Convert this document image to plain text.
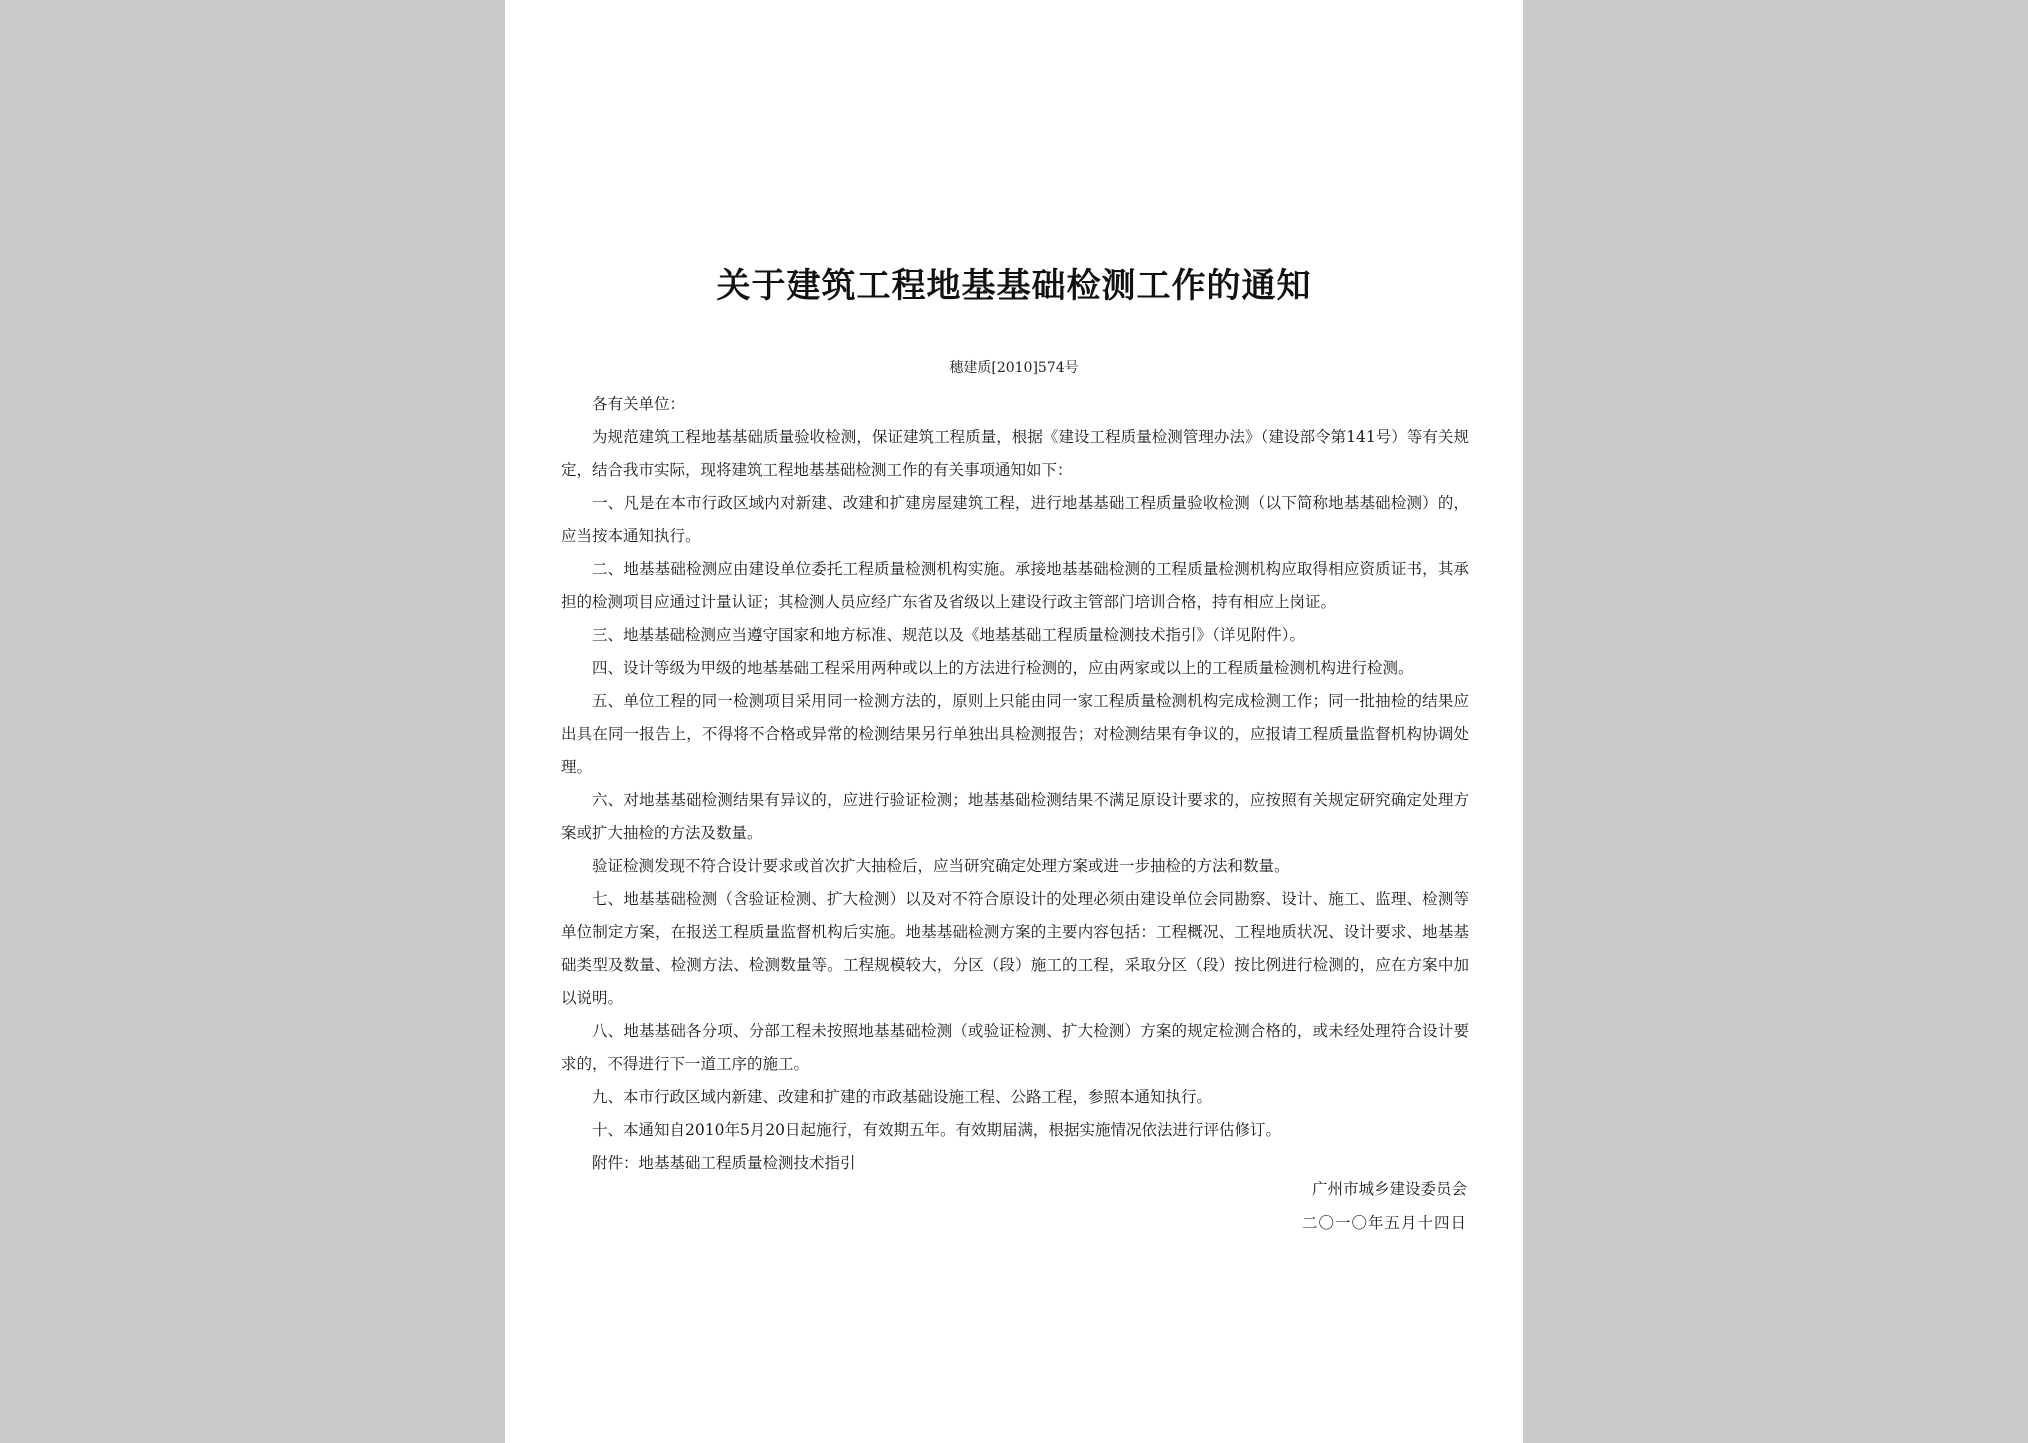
关于建筑工程地基基础检测工作的通知
穗建质[2010]574号

各有关单位：

为规范建筑工程地基基础质量验收检测，保证建筑工程质量，根据《建设工程质量检测管理办法》（建设部令第141号）等有关规定，结合我市实际，现将建筑工程地基基础检测工作的有关事项通知如下：

一、凡是在本市行政区域内对新建、改建和扩建房屋建筑工程，进行地基基础工程质量验收检测（以下简称地基基础检测）的，应当按本通知执行。

二、地基基础检测应由建设单位委托工程质量检测机构实施。承接地基基础检测的工程质量检测机构应取得相应资质证书，其承担的检测项目应通过计量认证；其检测人员应经广东省及省级以上建设行政主管部门培训合格，持有相应上岗证。

三、地基基础检测应当遵守国家和地方标准、规范以及《地基基础工程质量检测技术指引》（详见附件）。

四、设计等级为甲级的地基基础工程采用两种或以上的方法进行检测的，应由两家或以上的工程质量检测机构进行检测。

五、单位工程的同一检测项目采用同一检测方法的，原则上只能由同一家工程质量检测机构完成检测工作；同一批抽检的结果应出具在同一报告上，不得将不合格或异常的检测结果另行单独出具检测报告；对检测结果有争议的，应报请工程质量监督机构协调处理。

六、对地基基础检测结果有异议的，应进行验证检测；地基基础检测结果不满足原设计要求的，应按照有关规定研究确定处理方案或扩大抽检的方法及数量。

验证检测发现不符合设计要求或首次扩大抽检后，应当研究确定处理方案或进一步抽检的方法和数量。

七、地基基础检测（含验证检测、扩大检测）以及对不符合原设计的处理必须由建设单位会同勘察、设计、施工、监理、检测等单位制定方案，在报送工程质量监督机构后实施。地基基础检测方案的主要内容包括：工程概况、工程地质状况、设计要求、地基基础类型及数量、检测方法、检测数量等。工程规模较大，分区（段）施工的工程，采取分区（段）按比例进行检测的，应在方案中加以说明。

八、地基基础各分项、分部工程未按照地基基础检测（或验证检测、扩大检测）方案的规定检测合格的，或未经处理符合设计要求的，不得进行下一道工序的施工。

九、本市行政区域内新建、改建和扩建的市政基础设施工程、公路工程，参照本通知执行。

十、本通知自2010年5月20日起施行，有效期五年。有效期届满，根据实施情况依法进行评估修订。

附件：地基基础工程质量检测技术指引

广州市城乡建设委员会
二〇一〇年五月十四日
